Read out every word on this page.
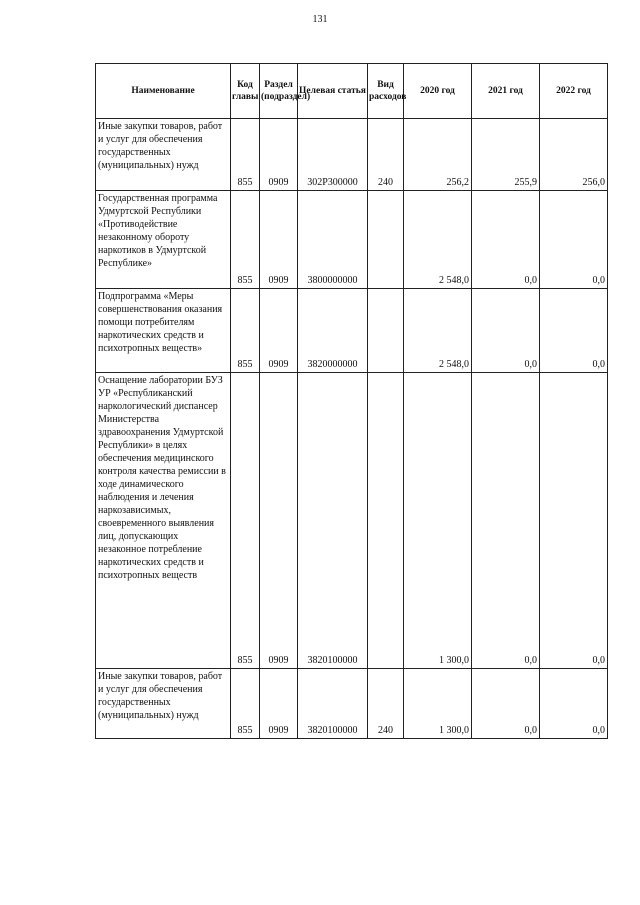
131
Наименование	Код главы	Раздел (подраздел)	Целевая статья	Вид расходов	2020 год	2021 год	2022 год
Иные закупки товаров, работ и услуг для обеспечения государственных (муниципальных) нужд	855	0909	302P300000	240	256,2	255,9	256,0
Государственная программа Удмуртской Республики «Противодействие незаконному обороту наркотиков в Удмуртской Республике»	855	0909	3800000000		2 548,0	0,0	0,0
Подпрограмма «Меры совершенствования оказания помощи потребителям наркотических средств и психотропных веществ»	855	0909	3820000000		2 548,0	0,0	0,0
Оснащение лаборатории БУЗ УР «Республиканский наркологический диспансер Министерства здравоохранения Удмуртской Республики» в целях обеспечения медицинского контроля качества ремиссии в ходе динамического наблюдения и лечения наркозависимых, своевременного выявления лиц, допускающих незаконное потребление наркотических средств и психотропных веществ	855	0909	3820100000		1 300,0	0,0	0,0
Иные закупки товаров, работ и услуг для обеспечения государственных (муниципальных) нужд	855	0909	3820100000	240	1 300,0	0,0	0,0
